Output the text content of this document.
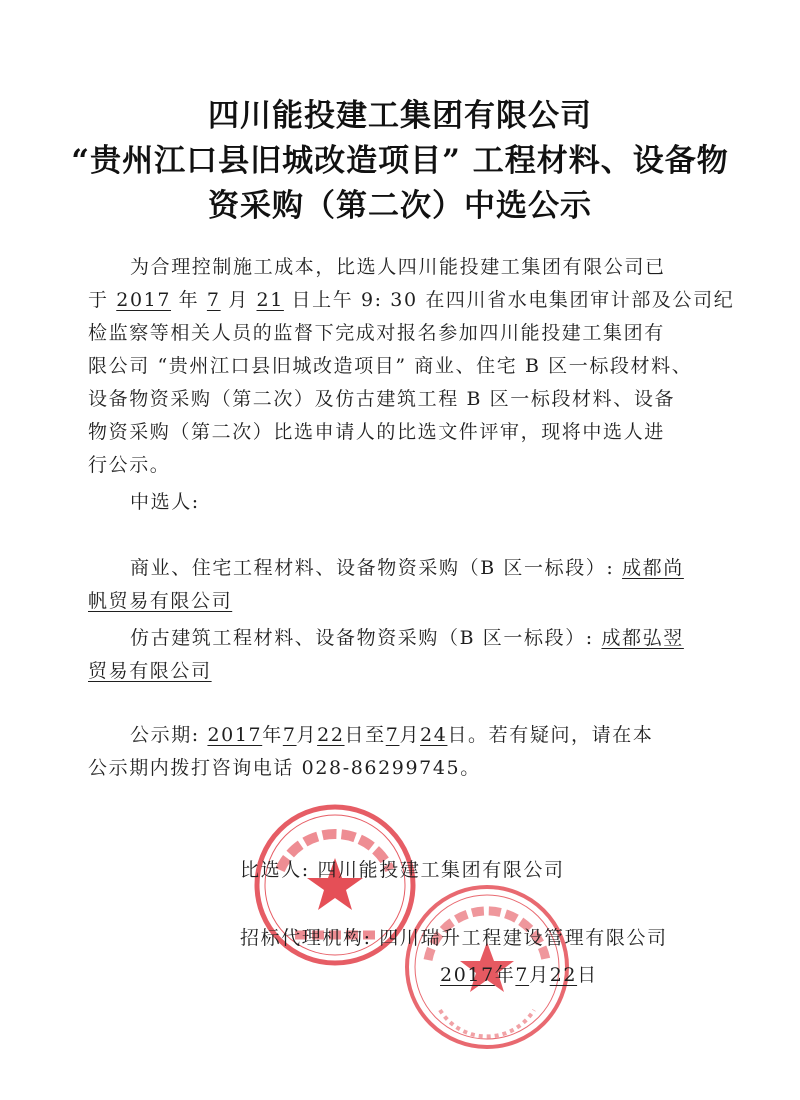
四川能投建工集团有限公司
“贵州江口县旧城改造项目” 工程材料、设备物
资采购（第二次）中选公示
为合理控制施工成本，比选人四川能投建工集团有限公司已
于 2017 年 7 月 21 日上午 9: 30 在四川省水电集团审计部及公司纪
检监察等相关人员的监督下完成对报名参加四川能投建工集团有
限公司 “贵州江口县旧城改造项目” 商业、住宅 B 区一标段材料、
设备物资采购（第二次）及仿古建筑工程 B 区一标段材料、设备
物资采购（第二次）比选申请人的比选文件评审，现将中选人进
行公示。
中选人:
商业、住宅工程材料、设备物资采购（B 区一标段）: 成都尚
帆贸易有限公司
仿古建筑工程材料、设备物资采购（B 区一标段）: 成都弘翌
贸易有限公司
公示期: 2017年7月22日至7月24日。若有疑问，请在本
公示期内拨打咨询电话 028-86299745。
比选人: 四川能投建工集团有限公司
招标代理机构: 四川瑞升工程建设管理有限公司
2017年7月22日
